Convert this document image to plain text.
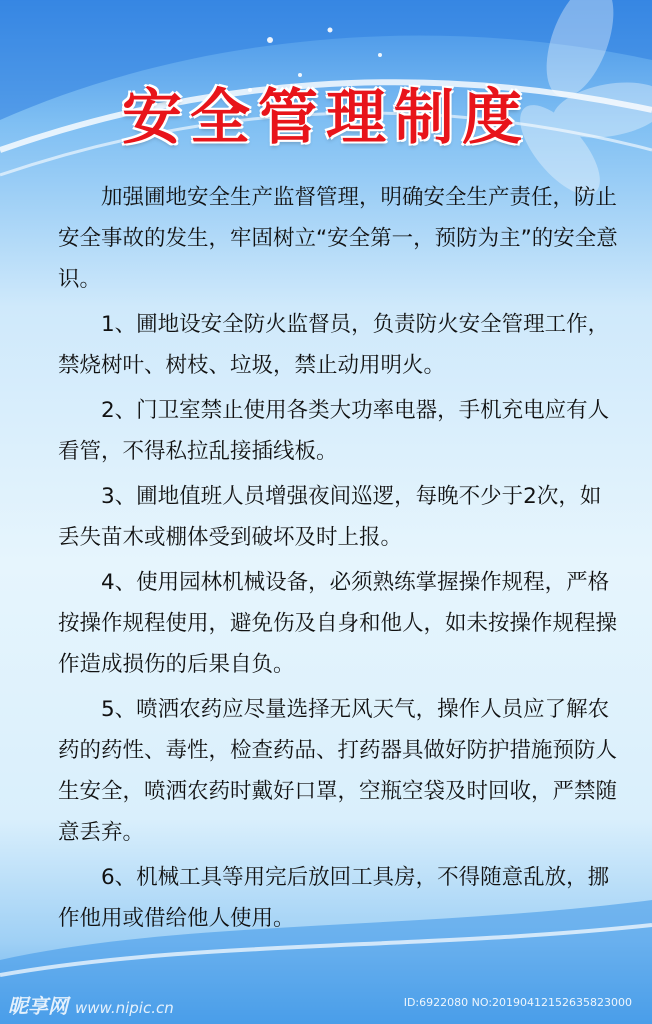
安全管理制度

加强圃地安全生产监督管理，明确安全生产责任，防止安全事故的发生，牢固树立“安全第一，预防为主”的安全意识。

1、圃地设安全防火监督员，负责防火安全管理工作，禁烧树叶、树枝、垃圾，禁止动用明火。

2、门卫室禁止使用各类大功率电器，手机充电应有人看管，不得私拉乱接插线板。

3、圃地值班人员增强夜间巡逻，每晚不少于2次，如丢失苗木或棚体受到破坏及时上报。

4、使用园林机械设备，必须熟练掌握操作规程，严格按操作规程使用，避免伤及自身和他人，如未按操作规程操作造成损伤的后果自负。

5、喷洒农药应尽量选择无风天气，操作人员应了解农药的药性、毒性，检查药品、打药器具做好防护措施预防人生安全，喷洒农药时戴好口罩，空瓶空袋及时回收，严禁随意丢弃。

6、机械工具等用完后放回工具房，不得随意乱放，挪作他用或借给他人使用。

昵享网 www.nipic.cn	ID:6922080 NO:20190412152635823000
